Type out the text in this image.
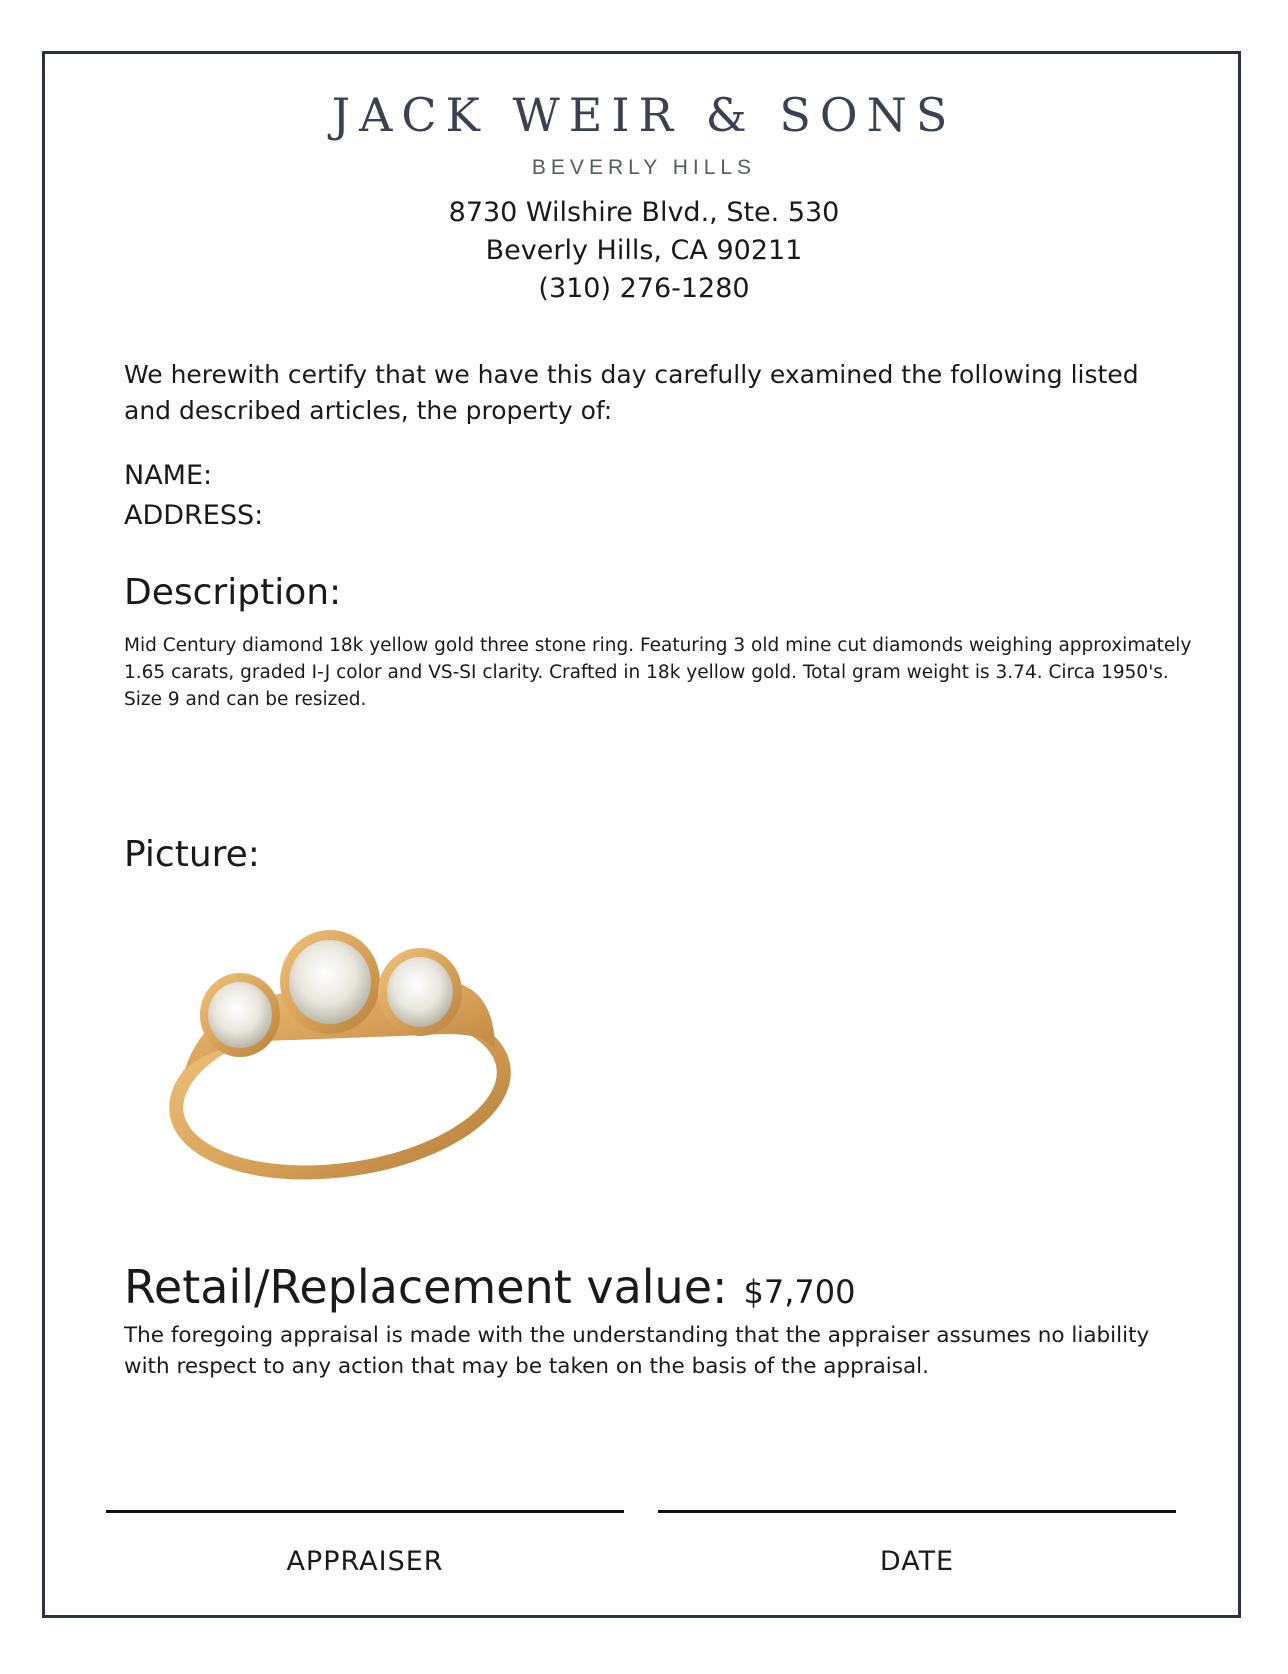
JACK WEIR & SONS
BEVERLY HILLS
8730 Wilshire Blvd., Ste. 530
Beverly Hills, CA 90211
(310) 276-1280
We herewith certify that we have this day carefully examined the following listed and described articles, the property of:
NAME:
ADDRESS:
Description:
Mid Century diamond 18k yellow gold three stone ring. Featuring 3 old mine cut diamonds weighing approximately 1.65 carats, graded I-J color and VS-SI clarity. Crafted in 18k yellow gold. Total gram weight is 3.74. Circa 1950's. Size 9 and can be resized.
Picture:
Retail/Replacement value: $7,700
The foregoing appraisal is made with the understanding that the appraiser assumes no liability with respect to any action that may be taken on the basis of the appraisal.
APPRAISER	DATE
